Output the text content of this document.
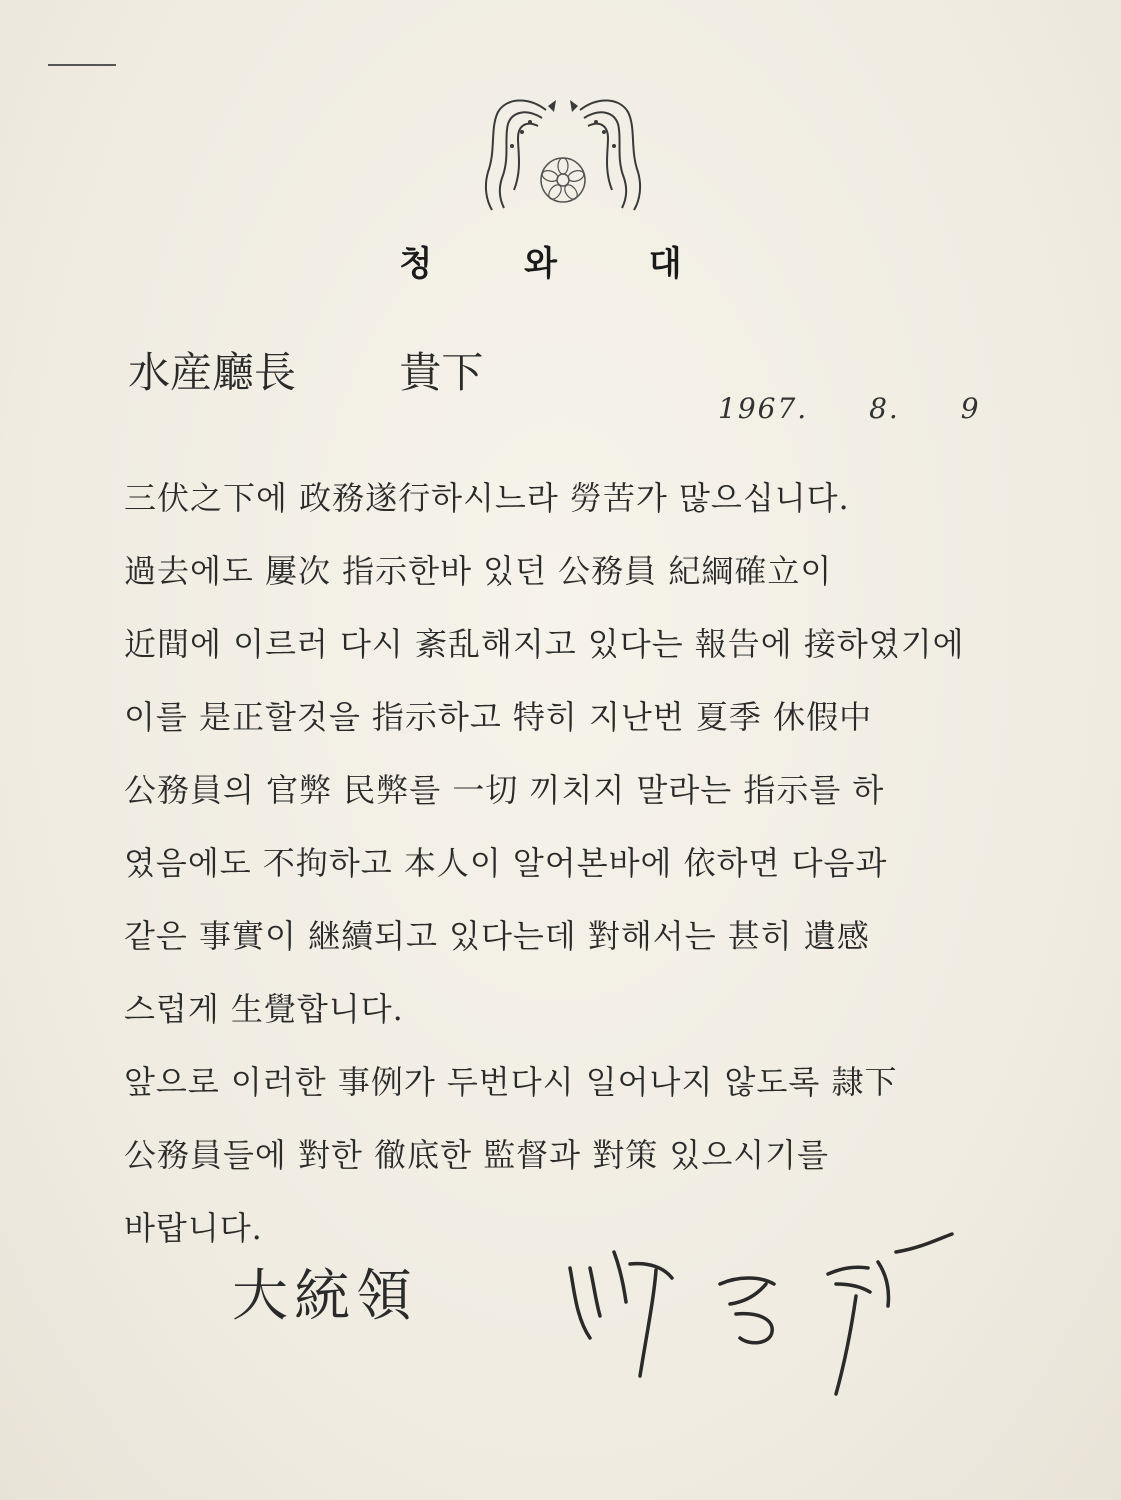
청 와 대
水産廳長 貴下
1967. 8. 9
三伏之下에 政務遂行하시느라 勞苦가 많으십니다.
過去에도 屢次 指示한바 있던 公務員 紀綱確立이
近間에 이르러 다시 紊乱해지고 있다는 報告에 接하였기에
이를 是正할것을 指示하고 特히 지난번 夏季 休假中
公務員의 官弊 民弊를 一切 끼치지 말라는 指示를 하
였음에도 不拘하고 本人이 알어본바에 依하면 다음과
같은 事實이 継續되고 있다는데 對해서는 甚히 遺感
스럽게 生覺합니다.
앞으로 이러한 事例가 두번다시 일어나지 않도록 隷下
公務員들에 對한 徹底한 監督과 對策 있으시기를
바랍니다.
大統領
